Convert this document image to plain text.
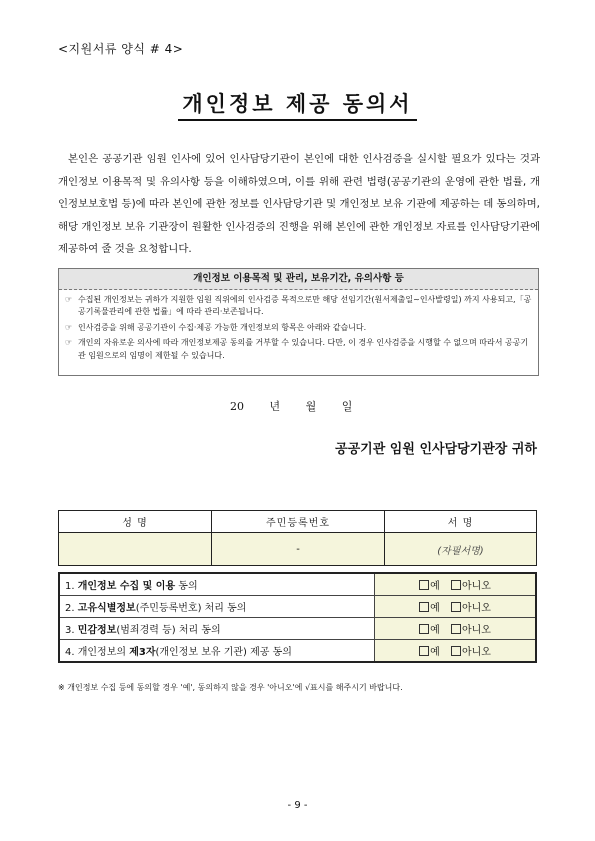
<지원서류 양식 # 4>
개인정보 제공 동의서

본인은 공공기관 임원 인사에 있어 인사담당기관이 본인에 대한 인사검증을 실시할 필요가 있다는 것과 개인정보 이용목적 및 유의사항 등을 이해하였으며, 이를 위해 관련 법령(공공기관의 운영에 관한 법률, 개인정보보호법 등)에 따라 본인에 관한 정보를 인사담당기관 및 개인정보 보유 기관에 제공하는 데 동의하며, 해당 개인정보 보유 기관장이 원활한 인사검증의 진행을 위해 본인에 관한 개인정보 자료를 인사담당기관에 제공하여 줄 것을 요청합니다.

개인정보 이용목적 및 관리, 보유기간, 유의사항 등
☞ 수집된 개인정보는 귀하가 지원한 임원 직위에의 인사검증 목적으로만 해당 선임기간(원서제출일~인사발령일) 까지 사용되고,「공공기록물관리에 관한 법률」에 따라 관리·보존됩니다.
☞ 인사검증을 위해 공공기관이 수집·제공 가능한 개인정보의 항목은 아래와 같습니다.
☞ 개인의 자유로운 의사에 따라 개인정보제공 동의를 거부할 수 있습니다. 다만, 이 경우 인사검증을 시행할 수 없으며 따라서 공공기관 임원으로의 임명이 제한될 수 있습니다.
20 년 월 일
공공기관 임원 인사담당기관장 귀하
성 명	주민등록번호	서 명
	-	(자필서명)
1. 개인정보 수집 및 이용 동의	예 아니오
2. 고유식별정보(주민등록번호) 처리 동의	예 아니오
3. 민감정보(범죄경력 등) 처리 동의	예 아니오
4. 개인정보의 제3자(개인정보 보유 기관) 제공 동의	예 아니오
※ 개인정보 수집 등에 동의할 경우 '예', 동의하지 않을 경우 '아니오'에 √표시를 해주시기 바랍니다.
- 9 -
